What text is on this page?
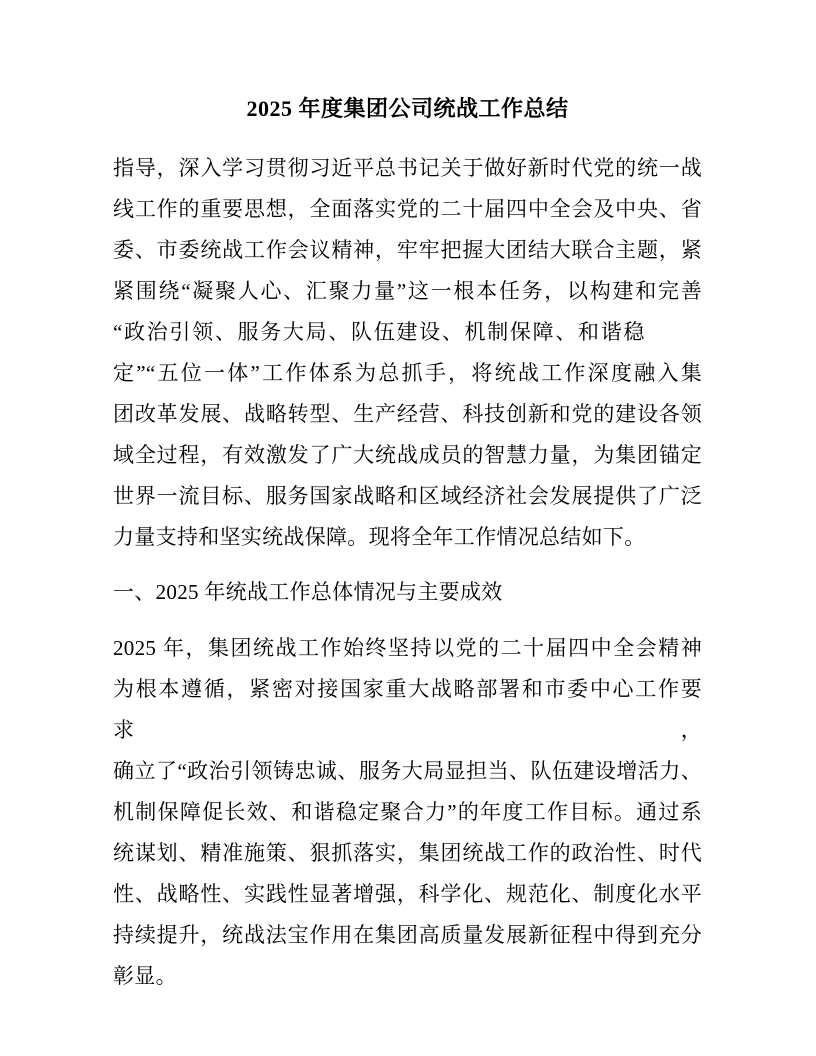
2025 年度集团公司统战工作总结
指导，深入学习贯彻习近平总书记关于做好新时代党的统一战
线工作的重要思想，全面落实党的二十届四中全会及中央、省
委、市委统战工作会议精神，牢牢把握大团结大联合主题，紧
紧围绕“凝聚人心、汇聚力量”这一根本任务，以构建和完善
“政治引领、服务大局、队伍建设、机制保障、和谐稳
定”“五位一体”工作体系为总抓手，将统战工作深度融入集
团改革发展、战略转型、生产经营、科技创新和党的建设各领
域全过程，有效激发了广大统战成员的智慧力量，为集团锚定
世界一流目标、服务国家战略和区域经济社会发展提供了广泛
力量支持和坚实统战保障。现将全年工作情况总结如下。
一、2025 年统战工作总体情况与主要成效
2025 年，集团统战工作始终坚持以党的二十届四中全会精神
为根本遵循，紧密对接国家重大战略部署和市委中心工作要求，
确立了“政治引领铸忠诚、服务大局显担当、队伍建设增活力、
机制保障促长效、和谐稳定聚合力”的年度工作目标。通过系
统谋划、精准施策、狠抓落实，集团统战工作的政治性、时代
性、战略性、实践性显著增强，科学化、规范化、制度化水平
持续提升，统战法宝作用在集团高质量发展新征程中得到充分
彰显。
